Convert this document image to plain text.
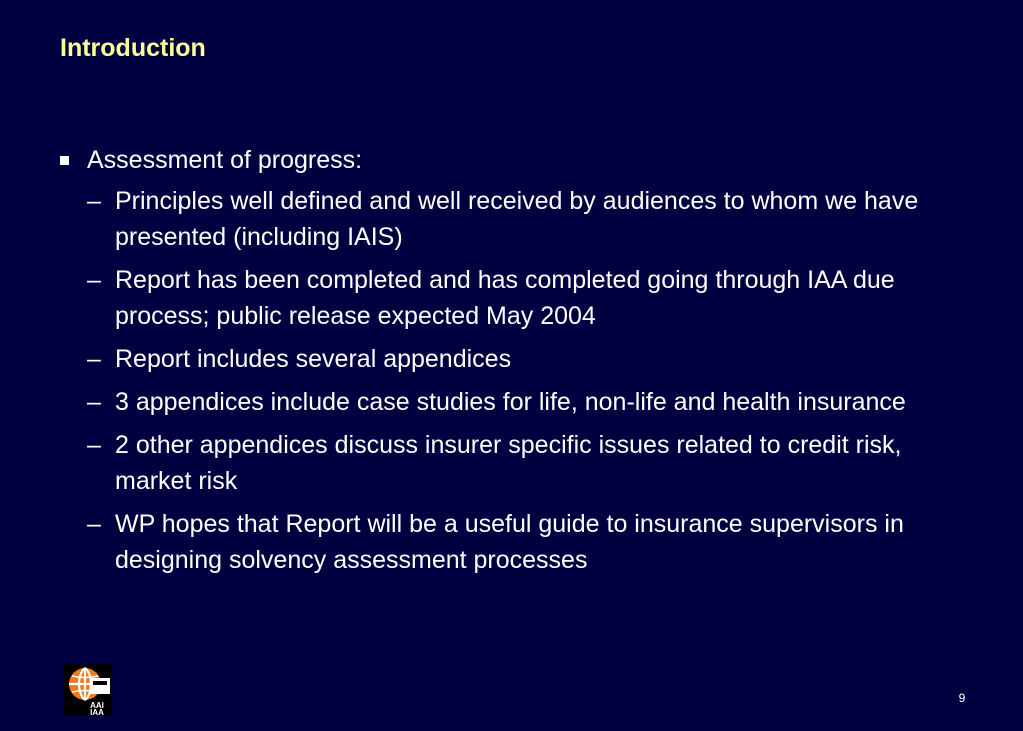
Introduction
Assessment of progress:
– Principles well defined and well received by audiences to whom we have presented (including IAIS)
– Report has been completed and has completed going through IAA due process; public release expected May 2004
– Report includes several appendices
– 3 appendices include case studies for life, non-life and health insurance
– 2 other appendices discuss insurer specific issues related to credit risk, market risk
– WP hopes that Report will be a useful guide to insurance supervisors in designing solvency assessment processes
AAI
IAA
9
